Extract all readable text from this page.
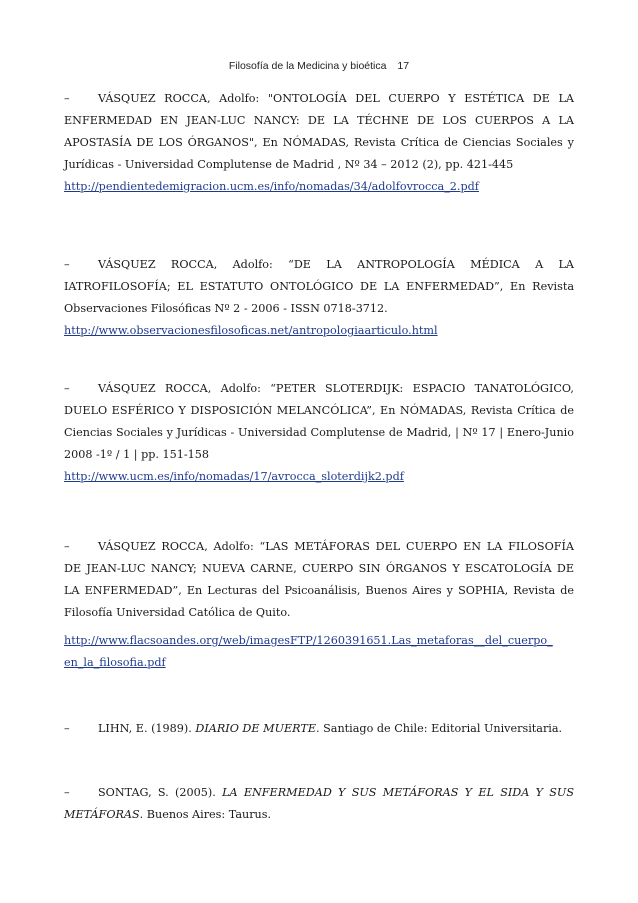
Filosofía de la Medicina y bioética 17

–	VÁSQUEZ ROCCA, Adolfo: "ONTOLOGÍA DEL CUERPO Y ESTÉTICA DE LA ENFERMEDAD EN JEAN-LUC NANCY: DE LA TÉCHNE DE LOS CUERPOS A LA APOSTASÍA DE LOS ÓRGANOS", En NÓMADAS, Revista Crítica de Ciencias Sociales y Jurídicas - Universidad Complutense de Madrid , Nº 34 – 2012 (2), pp. 421-445

http://pendientedemigracion.ucm.es/info/nomadas/34/adolfovrocca_2.pdf

–	VÁSQUEZ ROCCA, Adolfo: “DE LA ANTROPOLOGÍA MÉDICA A LA IATROFILOSOFÍA; EL ESTATUTO ONTOLÓGICO DE LA ENFERMEDAD”, En Revista Observaciones Filosóficas Nº 2 - 2006 - ISSN 0718-3712.

http://www.observacionesfilosoficas.net/antropologiaarticulo.html

–	VÁSQUEZ ROCCA, Adolfo: “PETER SLOTERDIJK: ESPACIO TANATOLÓGICO, DUELO ESFÉRICO Y DISPOSICIÓN MELANCÓLICA”, En NÓMADAS, Revista Crítica de Ciencias Sociales y Jurídicas - Universidad Complutense de Madrid, | Nº 17 | Enero-Junio 2008 -1º / 1 | pp. 151-158

http://www.ucm.es/info/nomadas/17/avrocca_sloterdijk2.pdf

–	VÁSQUEZ ROCCA, Adolfo: “LAS METÁFORAS DEL CUERPO EN LA FILOSOFÍA DE JEAN-LUC NANCY; NUEVA CARNE, CUERPO SIN ÓRGANOS Y ESCATOLOGÍA DE LA ENFERMEDAD”, En Lecturas del Psicoanálisis, Buenos Aires y SOPHIA, Revista de Filosofía Universidad Católica de Quito.

http://www.flacsoandes.org/web/imagesFTP/1260391651.Las_metaforas__del_cuerpo_
en_la_filosofia.pdf

–	LIHN, E. (1989). DIARIO DE MUERTE. Santiago de Chile: Editorial Universitaria.

–	SONTAG, S. (2005). LA ENFERMEDAD Y SUS METÁFORAS Y EL SIDA Y SUS METÁFORAS. Buenos Aires: Taurus.
